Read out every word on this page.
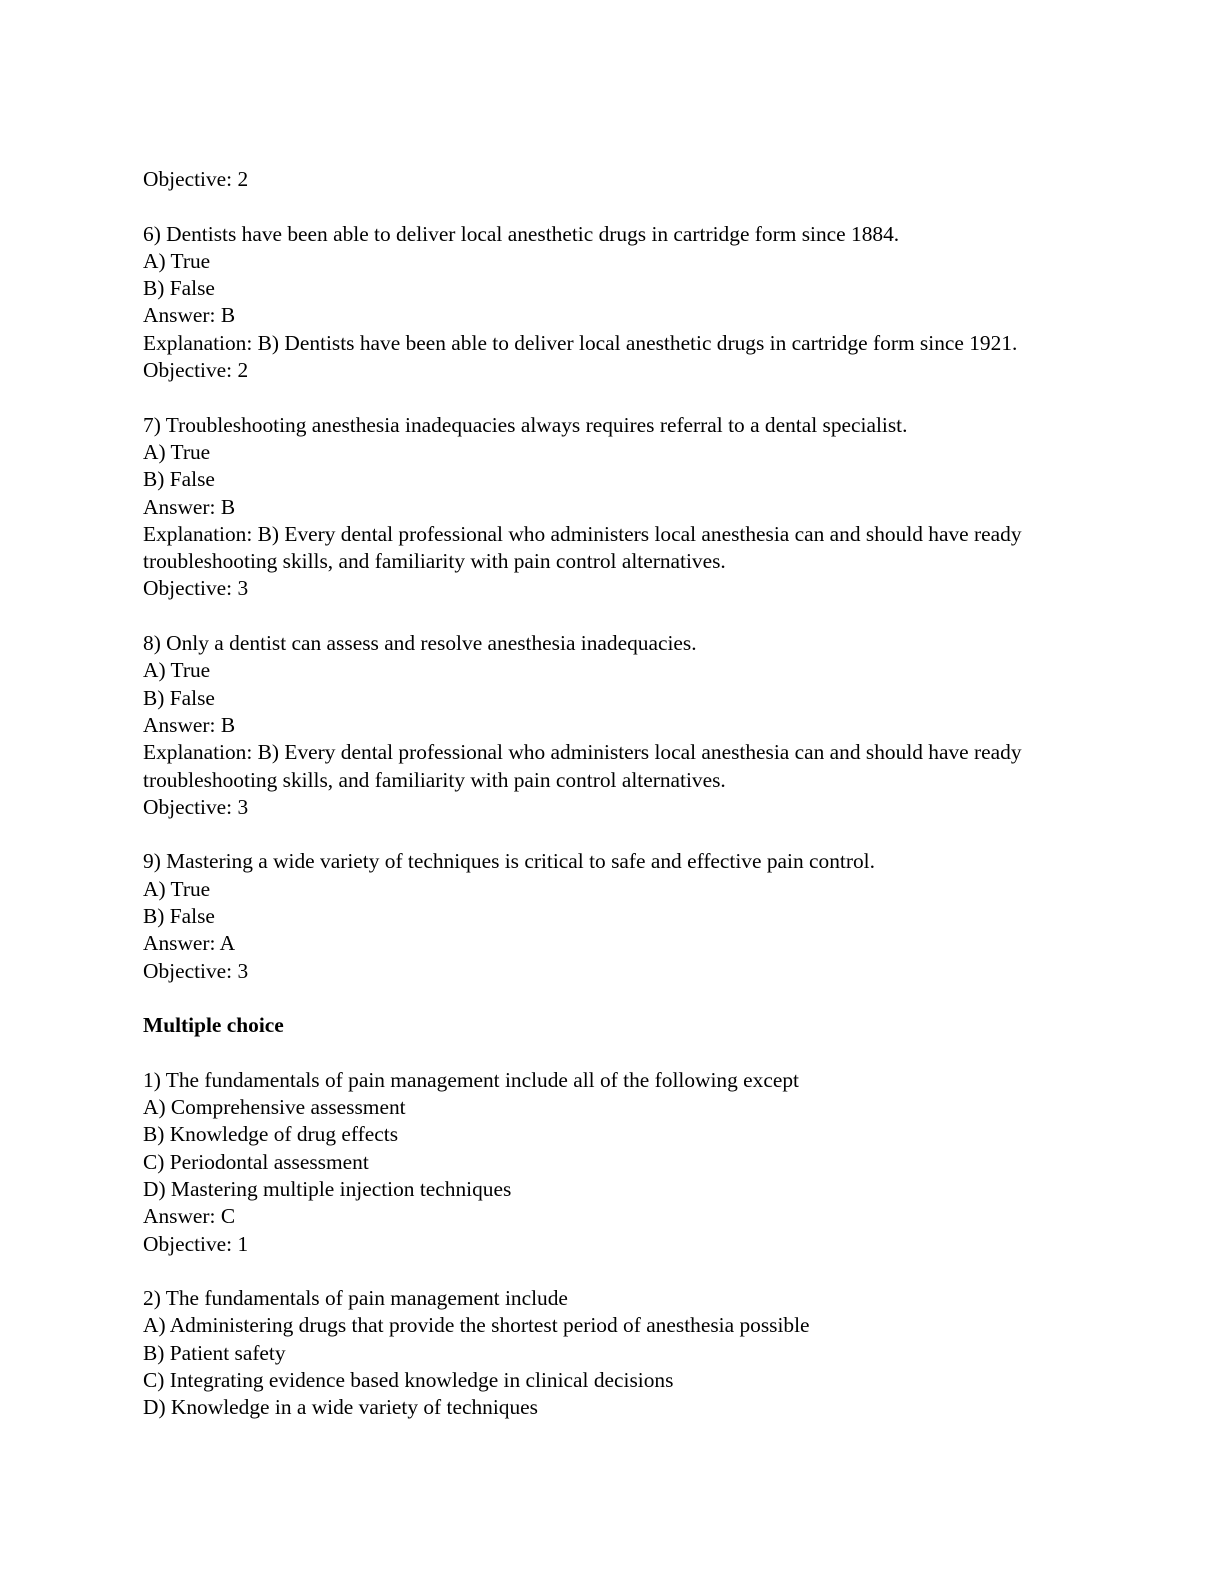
Objective: 2
6) Dentists have been able to deliver local anesthetic drugs in cartridge form since 1884.
A) True
B) False
Answer: B
Explanation: B) Dentists have been able to deliver local anesthetic drugs in cartridge form since 1921.
Objective: 2
7) Troubleshooting anesthesia inadequacies always requires referral to a dental specialist.
A) True
B) False
Answer: B
Explanation: B) Every dental professional who administers local anesthesia can and should have ready troubleshooting skills, and familiarity with pain control alternatives.
Objective: 3
8) Only a dentist can assess and resolve anesthesia inadequacies.
A) True
B) False
Answer: B
Explanation: B) Every dental professional who administers local anesthesia can and should have ready troubleshooting skills, and familiarity with pain control alternatives.
Objective: 3
9) Mastering a wide variety of techniques is critical to safe and effective pain control.
A) True
B) False
Answer: A
Objective: 3
Multiple choice
1) The fundamentals of pain management include all of the following except
A) Comprehensive assessment
B) Knowledge of drug effects
C) Periodontal assessment
D) Mastering multiple injection techniques
Answer: C
Objective: 1
2) The fundamentals of pain management include
A) Administering drugs that provide the shortest period of anesthesia possible
B) Patient safety
C) Integrating evidence based knowledge in clinical decisions
D) Knowledge in a wide variety of techniques
